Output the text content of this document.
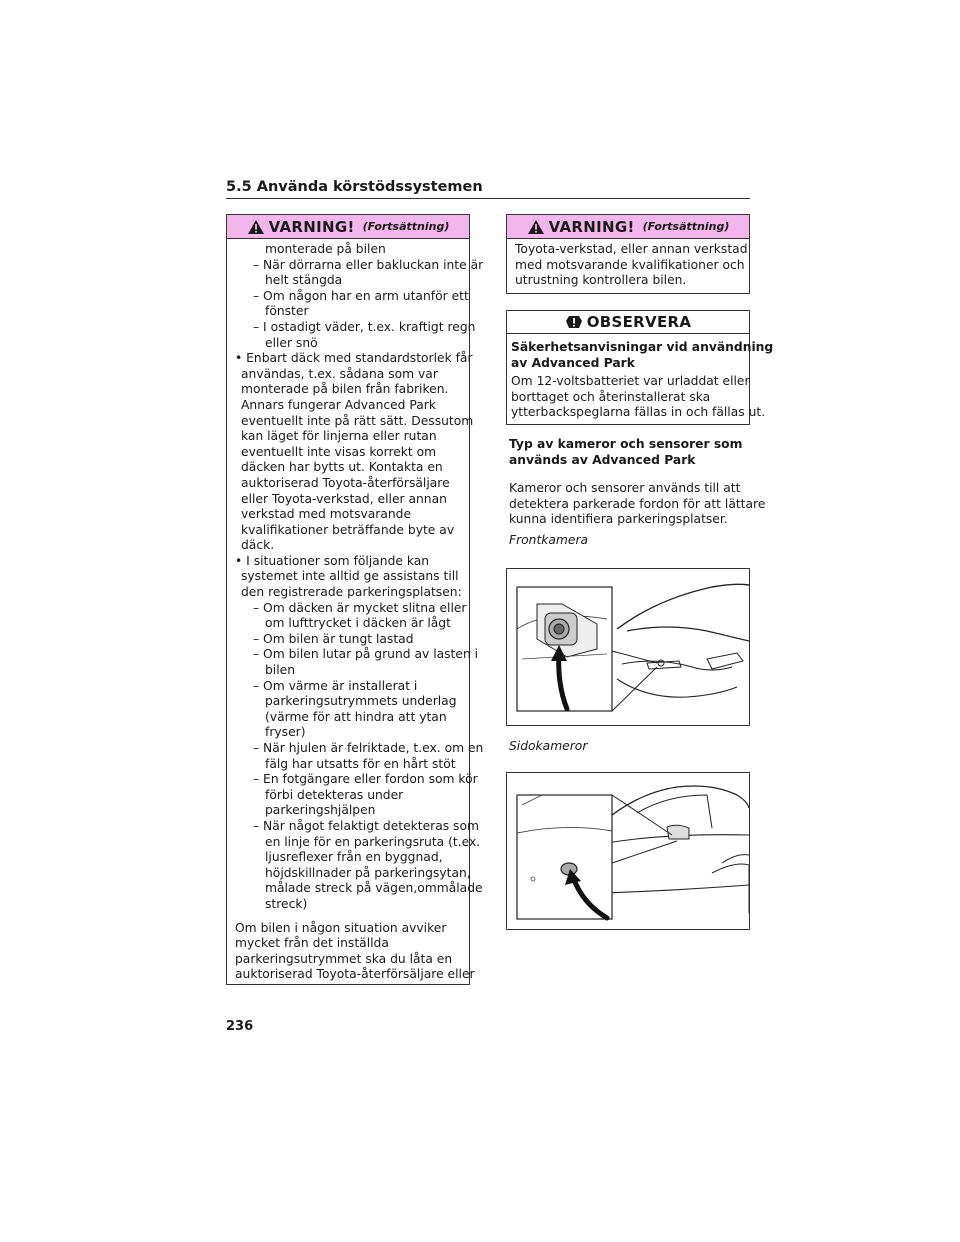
5.5 Använda körstödssystemen
VARNING! (Fortsättning)
monterade på bilen
– När dörrarna eller bakluckan inte är
helt stängda
– Om någon har en arm utanför ett
fönster
– I ostadigt väder, t.ex. kraftigt regn
eller snö
• Enbart däck med standardstorlek får
användas, t.ex. sådana som var
monterade på bilen från fabriken.
Annars fungerar Advanced Park
eventuellt inte på rätt sätt. Dessutom
kan läget för linjerna eller rutan
eventuellt inte visas korrekt om
däcken har bytts ut. Kontakta en
auktoriserad Toyota-återförsäljare
eller Toyota-verkstad, eller annan
verkstad med motsvarande
kvalifikationer beträffande byte av
däck.
• I situationer som följande kan
systemet inte alltid ge assistans till
den registrerade parkeringsplatsen:
– Om däcken är mycket slitna eller
om lufttrycket i däcken är lågt
– Om bilen är tungt lastad
– Om bilen lutar på grund av lasten i
bilen
– Om värme är installerat i
parkeringsutrymmets underlag
(värme för att hindra att ytan
fryser)
– När hjulen är felriktade, t.ex. om en
fälg har utsatts för en hårt stöt
– En fotgängare eller fordon som kör
förbi detekteras under
parkeringshjälpen
– När något felaktigt detekteras som
en linje för en parkeringsruta (t.ex.
ljusreflexer från en byggnad,
höjdskillnader på parkeringsytan,
målade streck på vägen,ommålade
streck)
Om bilen i någon situation avviker
mycket från det inställda
parkeringsutrymmet ska du låta en
auktoriserad Toyota-återförsäljare eller
VARNING! (Fortsättning)
Toyota-verkstad, eller annan verkstad
med motsvarande kvalifikationer och
utrustning kontrollera bilen.
OBSERVERA
Säkerhetsanvisningar vid användning
av Advanced Park
Om 12-voltsbatteriet var urladdat eller
borttaget och återinstallerat ska
ytterbackspeglarna fällas in och fällas ut.
Typ av kameror och sensorer som
används av Advanced Park
Kameror och sensorer används till att
detektera parkerade fordon för att lättare
kunna identifiera parkeringsplatser.
Frontkamera
Sidokameror
236
